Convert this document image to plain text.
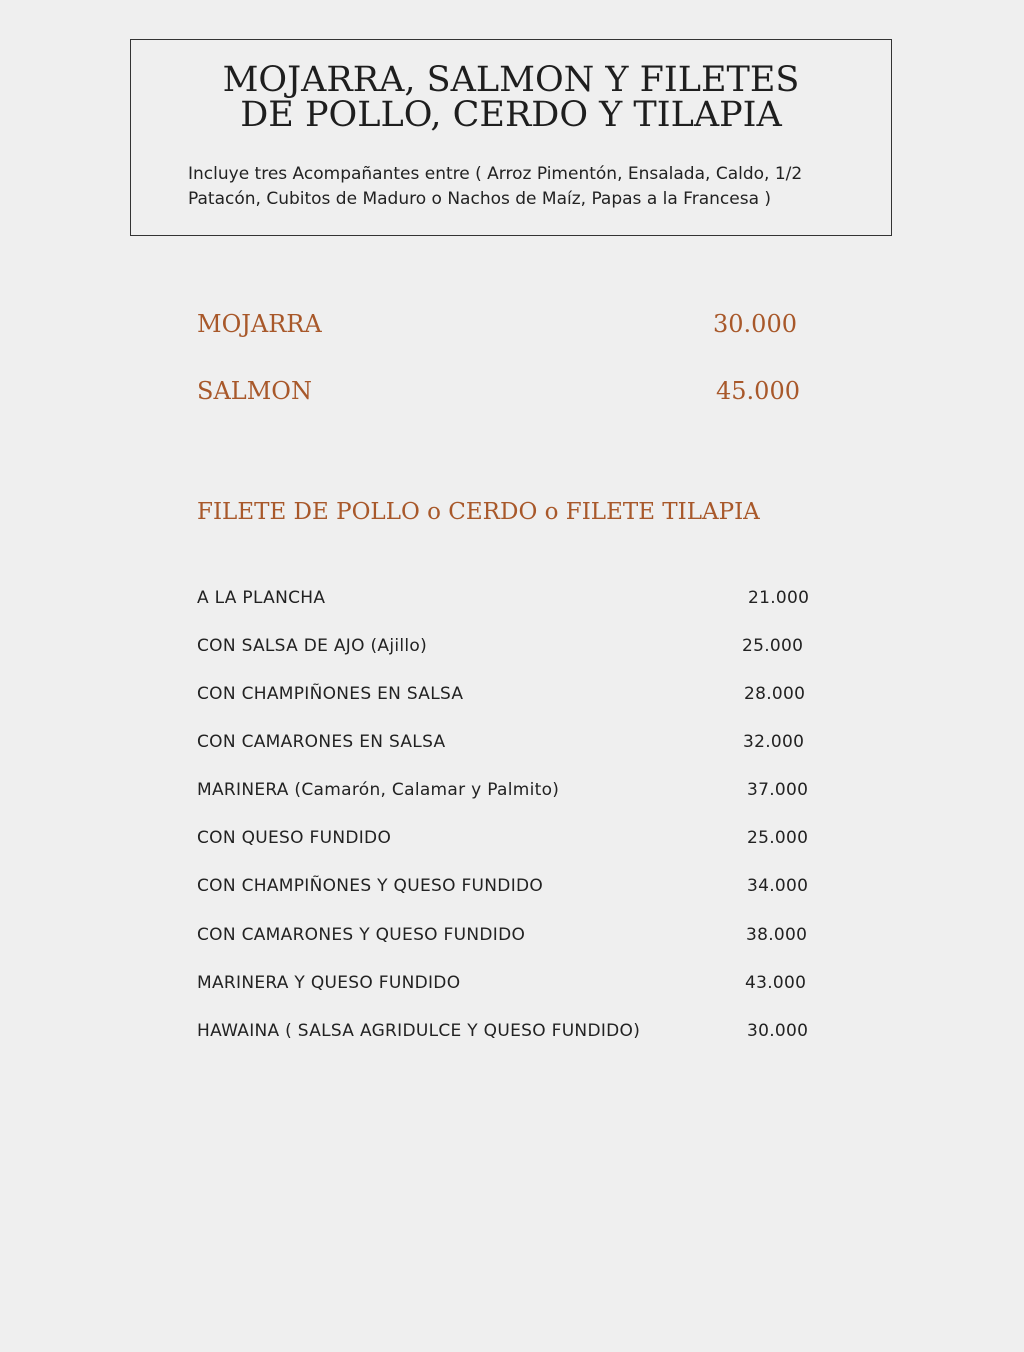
MOJARRA, SALMON Y FILETES
DE POLLO, CERDO Y TILAPIA
Incluye tres Acompañantes entre ( Arroz Pimentón, Ensalada, Caldo, 1/2 Patacón, Cubitos de Maduro o Nachos de Maíz, Papas a la Francesa )
MOJARRA	30.000
SALMON	45.000
FILETE DE POLLO o CERDO o FILETE TILAPIA
A LA PLANCHA	21.000
CON SALSA DE AJO (Ajillo)	25.000
CON CHAMPIÑONES EN SALSA	28.000
CON CAMARONES EN SALSA	32.000
MARINERA (Camarón, Calamar y Palmito)	37.000
CON QUESO FUNDIDO	25.000
CON CHAMPIÑONES Y QUESO FUNDIDO	34.000
CON CAMARONES Y QUESO FUNDIDO	38.000
MARINERA Y QUESO FUNDIDO	43.000
HAWAINA ( SALSA AGRIDULCE Y QUESO FUNDIDO)	30.000
